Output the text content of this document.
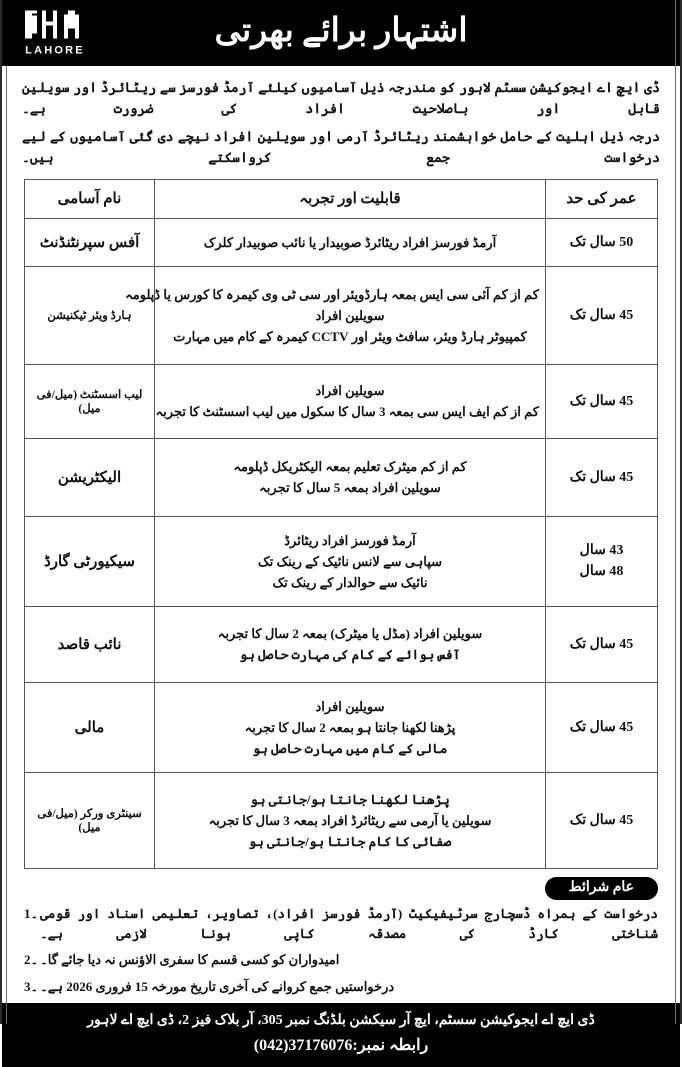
LAHORE
اشتہار برائے بھرتی

ڈی ایچ اے ایجوکیشن سسٹم لاہور کو مندرجہ ذیل آسامیوں کیلئے آرمڈ فورسز سے ریٹائرڈ اور سویلین قابل اور باصلاحیت افراد کی ضرورت ہے۔

درجہ ذیل اہلیت کے حامل خواہشمند ریٹائرڈ آرمی اور سویلین افراد نیچے دی گئی آسامیوں کے لیے درخواست جمع کرواسکتے ہیں۔

عمر کی حد	قابلیت اور تجربہ	نام آسامی

50 سال تک	آرمڈ فورسز افراد ریٹائرڈ صوبیدار یا نائب صوبیدار کلرک	آفس سپرنٹنڈنٹ

45 سال تک	کم از کم آئی سی ایس بمعہ ہارڈویئر اور سی ٹی وی کیمرہ کا کورس یا ڈپلومہ
سویلین افراد
کمپیوٹر ہارڈ ویئر، سافٹ ویئر اور CCTV کیمرہ کے کام میں مہارت	ہارڈ ویئر ٹیکنیشن

45 سال تک	سویلین افراد
کم از کم ایف ایس سی بمعہ 3 سال کا سکول میں لیب اسسٹنٹ کا تجربہ	لیب اسسٹنٹ (میل/فی میل)

45 سال تک	کم از کم میٹرک تعلیم بمعہ الیکٹریکل ڈپلومہ
سویلین افراد بمعہ 5 سال کا تجربہ	الیکٹریشن

43 سال
48 سال	آرمڈ فورسز افراد ریٹائرڈ
سپاہی سے لانس نائیک کے رینک تک
نائیک سے حوالدار کے رینک تک	سیکیورٹی گارڈ

45 سال تک	سویلین افراد (مڈل یا میٹرک) بمعہ 2 سال کا تجربہ
آفس بوائے کے کام کی مہارت حاصل ہو	نائب قاصد

45 سال تک	سویلین افراد
پڑھنا لکھنا جانتا ہو بمعہ 2 سال کا تجربہ
مالی کے کام میں مہارت حاصل ہو	مالی

45 سال تک	پڑھنا لکھنا جانتا ہو/جانتی ہو
سویلین یا آرمی سے ریٹائرڈ افراد بمعہ 3 سال کا تجربہ
صفائی کا کام جانتا ہو/جانتی ہو	سینٹری ورکر (میل/فی میل)
عام شرائط
1۔ درخواست کے ہمراہ ڈسچارج سرٹیفیکیٹ (آرمڈ فورسز افراد)، تصاویر، تعلیمی اسناد اور قومی شناختی کارڈ کی مصدقہ کاپی ہونا لازمی ہے۔
2۔ امیدواران کو کسی قسم کا سفری الاؤنس نہ دیا جائے گا۔
3۔ درخواستیں جمع کروانے کی آخری تاریخ مورخہ 15 فروری 2026 ہے۔
ڈی ایچ اے ایجوکیشن سسٹم، ایچ آر سیکشن بلڈنگ نمبر 305، آر بلاک فیز 2، ڈی ایچ اے لاہور
رابطہ نمبر:(042)37176076
